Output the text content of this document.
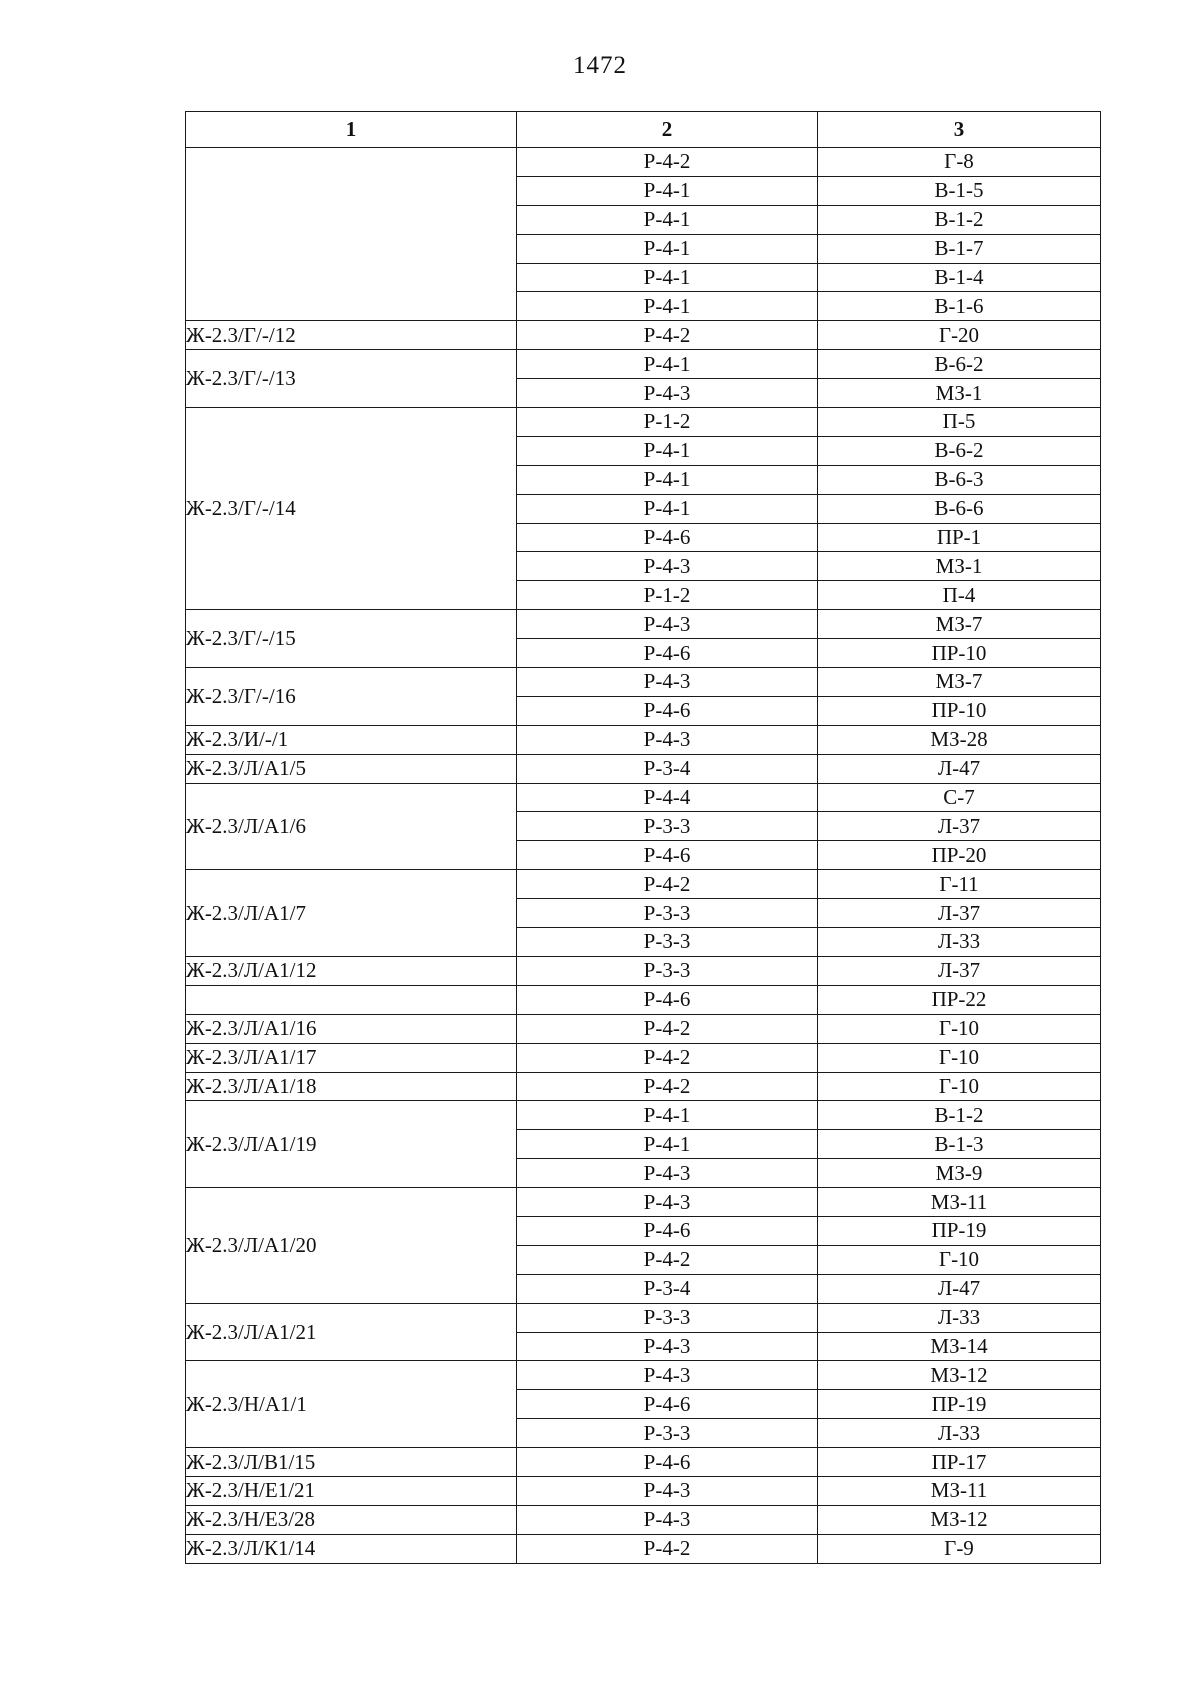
1472
1	2	3
	Р-4-2	Г-8
	Р-4-1	В-1-5
	Р-4-1	В-1-2
	Р-4-1	В-1-7
	Р-4-1	В-1-4
	Р-4-1	В-1-6
Ж-2.3/Г/-/12	Р-4-2	Г-20
Ж-2.3/Г/-/13	Р-4-1	В-6-2
	Р-4-3	МЗ-1
Ж-2.3/Г/-/14	Р-1-2	П-5
	Р-4-1	В-6-2
	Р-4-1	В-6-3
	Р-4-1	В-6-6
	Р-4-6	ПР-1
	Р-4-3	МЗ-1
	Р-1-2	П-4
Ж-2.3/Г/-/15	Р-4-3	МЗ-7
	Р-4-6	ПР-10
Ж-2.3/Г/-/16	Р-4-3	МЗ-7
	Р-4-6	ПР-10
Ж-2.3/И/-/1	Р-4-3	МЗ-28
Ж-2.3/Л/А1/5	Р-3-4	Л-47
Ж-2.3/Л/А1/6	Р-4-4	С-7
	Р-3-3	Л-37
	Р-4-6	ПР-20
Ж-2.3/Л/А1/7	Р-4-2	Г-11
	Р-3-3	Л-37
	Р-3-3	Л-33
Ж-2.3/Л/А1/12	Р-3-3	Л-37
	Р-4-6	ПР-22
Ж-2.3/Л/А1/16	Р-4-2	Г-10
Ж-2.3/Л/А1/17	Р-4-2	Г-10
Ж-2.3/Л/А1/18	Р-4-2	Г-10
Ж-2.3/Л/А1/19	Р-4-1	В-1-2
	Р-4-1	В-1-3
	Р-4-3	МЗ-9
Ж-2.3/Л/А1/20	Р-4-3	МЗ-11
	Р-4-6	ПР-19
	Р-4-2	Г-10
	Р-3-4	Л-47
Ж-2.3/Л/А1/21	Р-3-3	Л-33
	Р-4-3	МЗ-14
Ж-2.3/Н/А1/1	Р-4-3	МЗ-12
	Р-4-6	ПР-19
	Р-3-3	Л-33
Ж-2.3/Л/В1/15	Р-4-6	ПР-17
Ж-2.3/Н/Е1/21	Р-4-3	МЗ-11
Ж-2.3/Н/Е3/28	Р-4-3	МЗ-12
Ж-2.3/Л/К1/14	Р-4-2	Г-9
